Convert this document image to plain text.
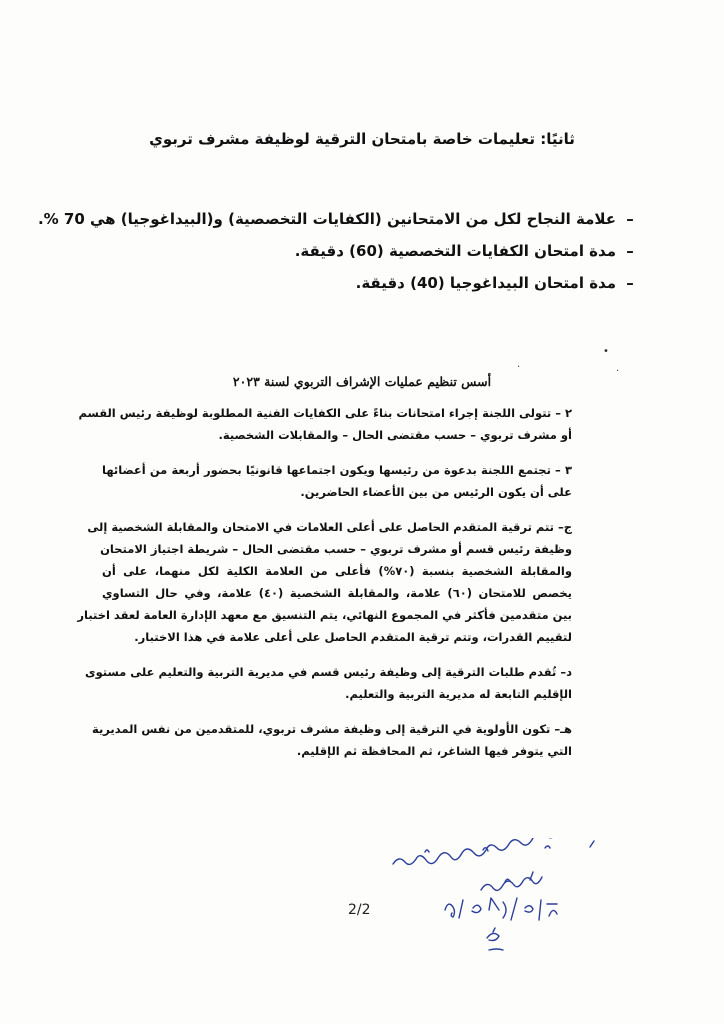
ثانيًا: تعليمات خاصة بامتحان الترقية لوظيفة مشرف تربوي
–علامة النجاح لكل من الامتحانين (الكفايات التخصصية) و(البيداغوجيا) هي 70 %.
–مدة امتحان الكفايات التخصصية (60) دقيقة.
–مدة امتحان البيداغوجيا (40) دقيقة.
•
·	·
أسس تنظيم عمليات الإشراف التربوي لسنة ٢٠٢٣
٢ – تتولى اللجنة إجراء امتحانات بناءً على الكفايات الفنية المطلوبة لوظيفة رئيس القسم
أو مشرف تربوي – حسب مقتضى الحال – والمقابلات الشخصية.
٣ – تجتمع اللجنة بدعوة من رئيسها ويكون اجتماعها قانونيًا بحضور أربعة من أعضائها
على أن يكون الرئيس من بين الأعضاء الحاضرين.
ج– تتم ترقية المتقدم الحاصل على أعلى العلامات في الامتحان والمقابلة الشخصية إلى
وظيفة رئيس قسم أو مشرف تربوي – حسب مقتضى الحال – شريطة اجتياز الامتحان
والمقابلة الشخصية بنسبة (٧٠%) فأعلى من العلامة الكلية لكل منهما، على أن
يخصص للامتحان (٦٠) علامة، والمقابلة الشخصية (٤٠) علامة، وفي حال التساوي
بين متقدمين فأكثر في المجموع النهائي، يتم التنسيق مع معهد الإدارة العامة لعقد اختبار
لتقييم القدرات، وتتم ترقية المتقدم الحاصل على أعلى علامة في هذا الاختبار.
د– تُقدم طلبات الترقية إلى وظيفة رئيس قسم في مديرية التربية والتعليم على مستوى
الإقليم التابعة له مديرية التربية والتعليم.
هـ– تكون الأولوية في الترقية إلى وظيفة مشرف تربوي، للمتقدمين من نفس المديرية
التي يتوفر فيها الشاغر، ثم المحافظة ثم الإقليم.
2/2
